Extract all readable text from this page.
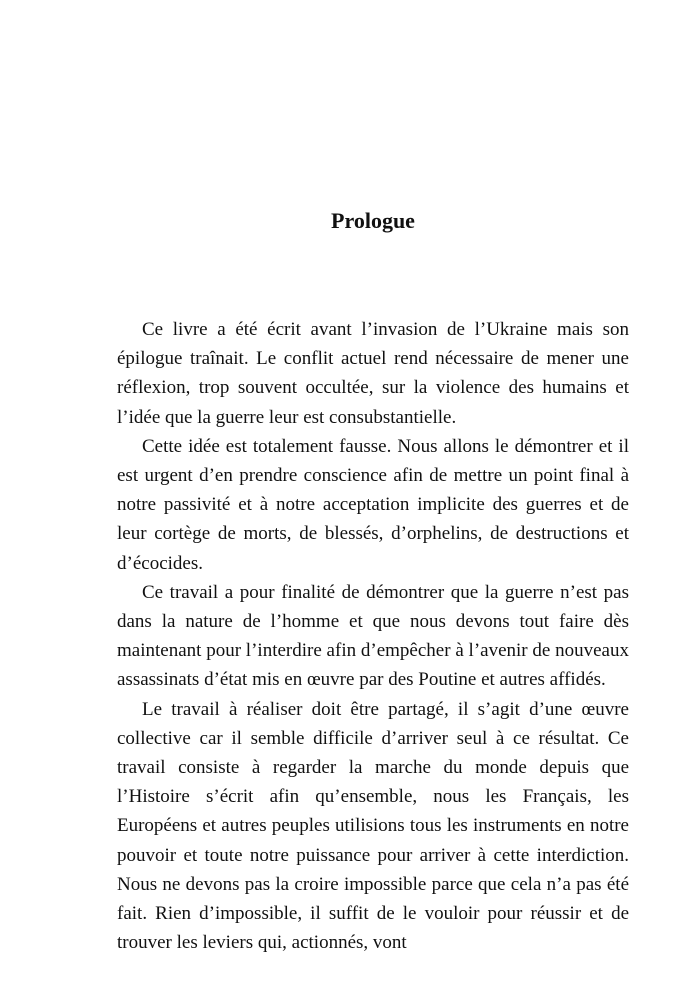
Prologue

Ce livre a été écrit avant l’invasion de l’Ukraine mais son épilogue traînait. Le conflit actuel rend nécessaire de mener une réflexion, trop souvent occultée, sur la violence des humains et l’idée que la guerre leur est consubstantielle.

Cette idée est totalement fausse. Nous allons le démontrer et il est urgent d’en prendre conscience afin de mettre un point final à notre passivité et à notre acceptation implicite des guerres et de leur cortège de morts, de blessés, d’orphelins, de destructions et d’écocides.

Ce travail a pour finalité de démontrer que la guerre n’est pas dans la nature de l’homme et que nous devons tout faire dès maintenant pour l’interdire afin d’empêcher à l’avenir de nouveaux assassinats d’état mis en œuvre par des Poutine et autres affidés.

Le travail à réaliser doit être partagé, il s’agit d’une œuvre collective car il semble difficile d’arriver seul à ce résultat. Ce travail consiste à regarder la marche du monde depuis que l’Histoire s’écrit afin qu’ensemble, nous les Français, les Européens et autres peuples utilisions tous les instruments en notre pouvoir et toute notre puissance pour arriver à cette interdiction. Nous ne devons pas la croire impossible parce que cela n’a pas été fait. Rien d’impossible, il suffit de le vouloir pour réussir et de trouver les leviers qui, actionnés, vont
